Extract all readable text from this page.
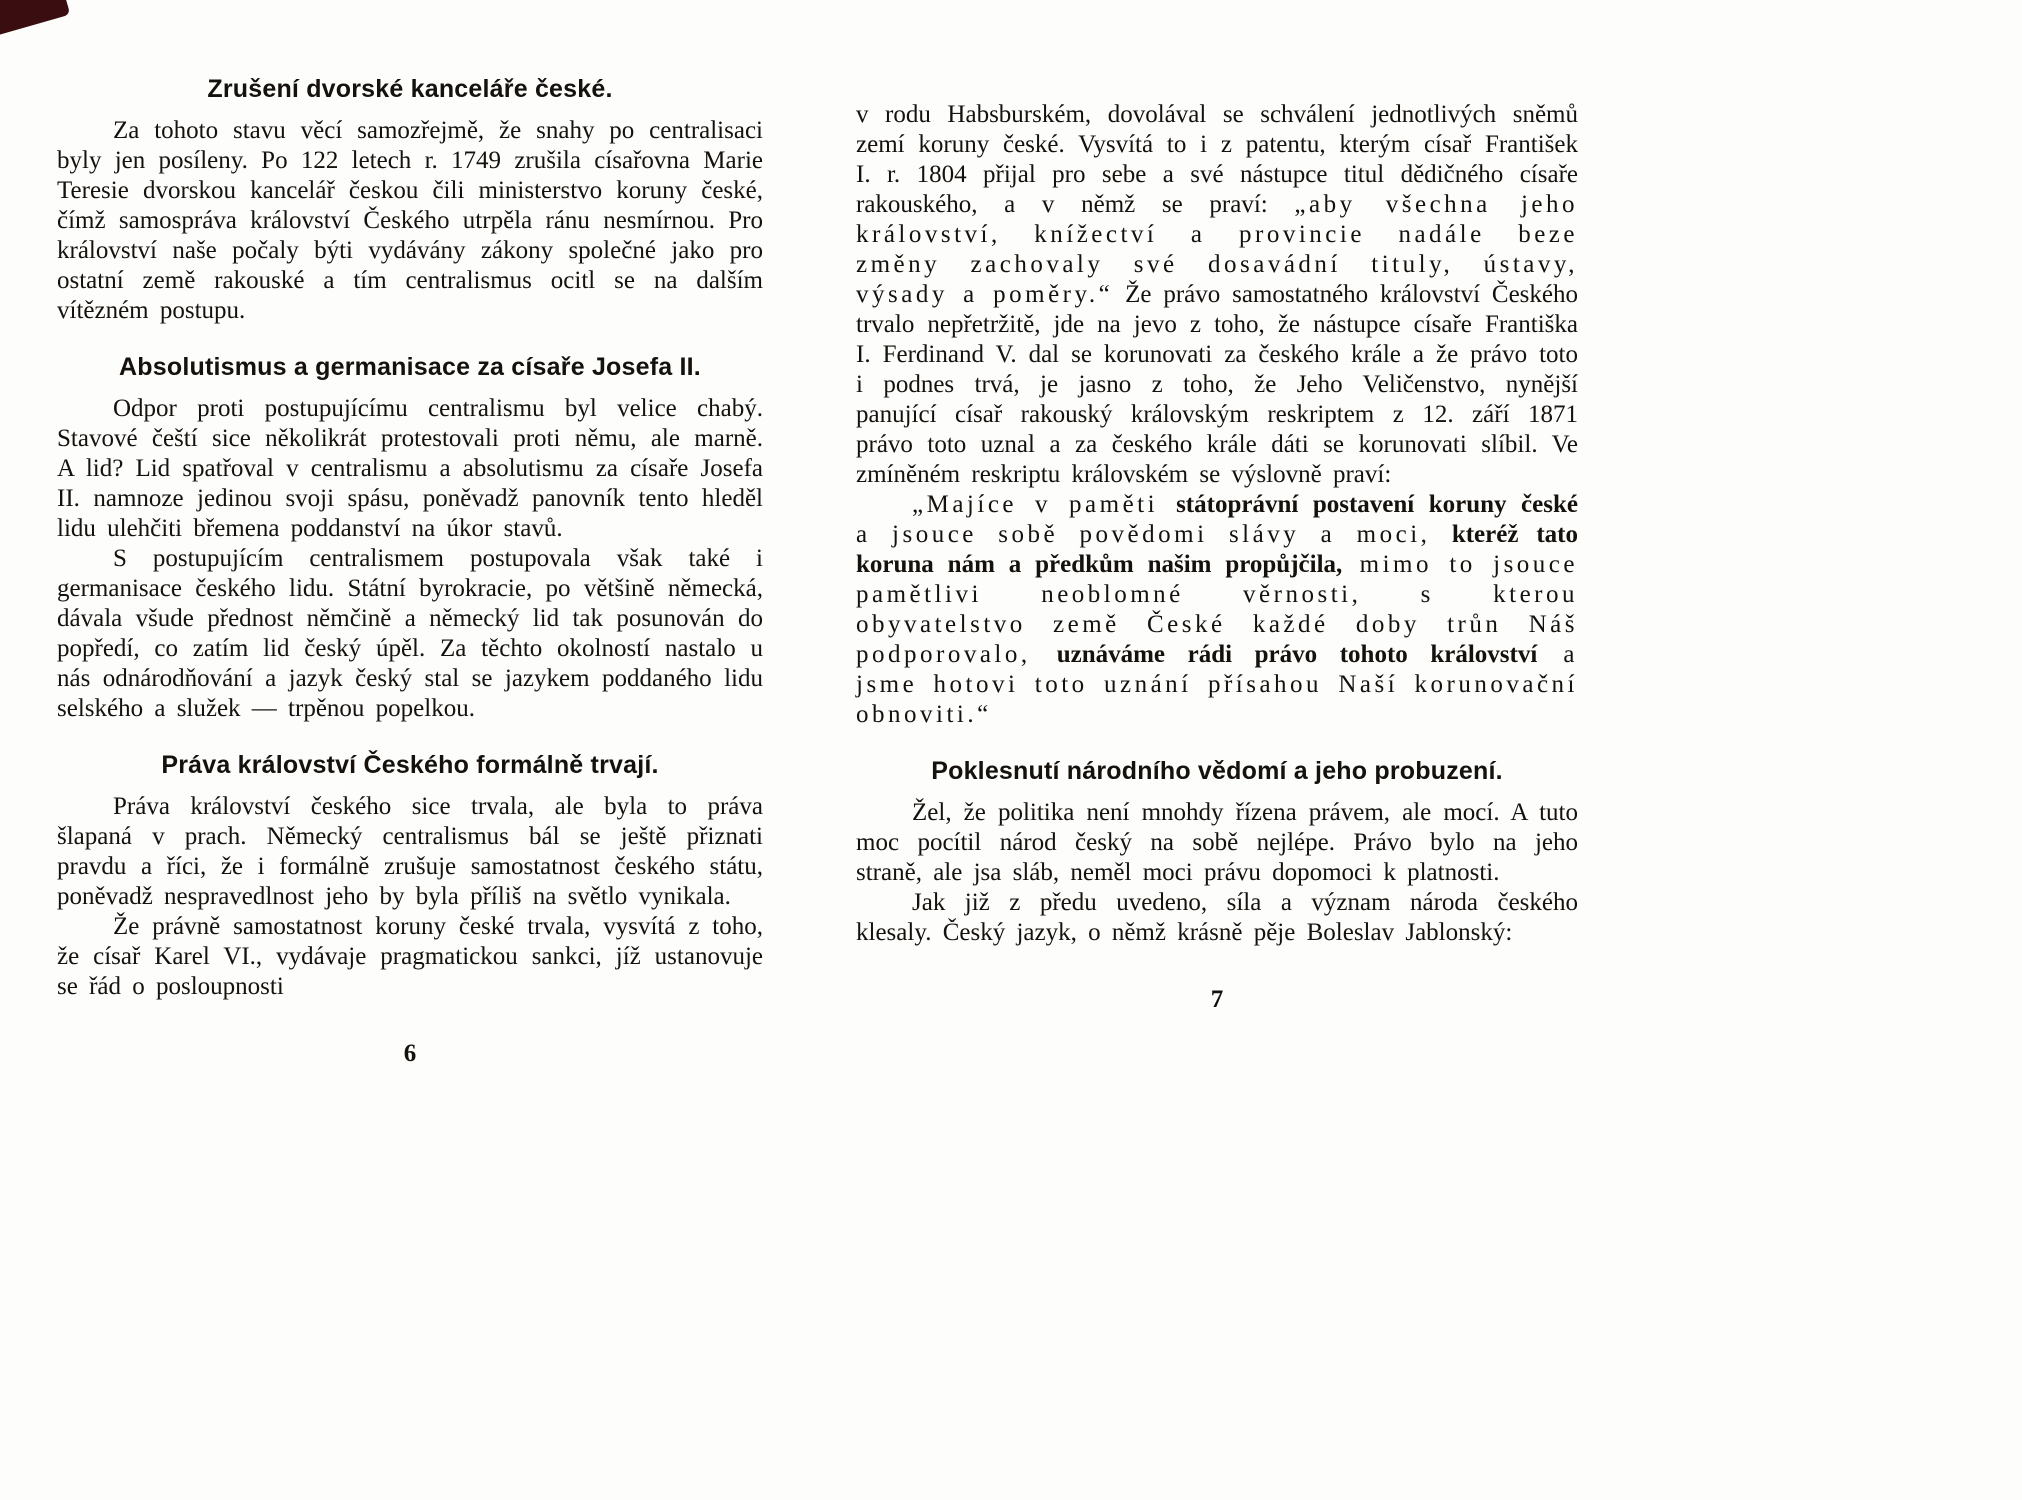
Zrušení dvorské kanceláře české.

Za tohoto stavu věcí samozřejmě, že snahy po centralisaci byly jen posíleny. Po 122 letech r. 1749 zrušila císařovna Marie Teresie dvorskou kancelář českou čili ministerstvo koruny české, čímž samospráva království Českého utrpěla ránu nesmírnou. Pro království naše počaly býti vydávány zákony společné jako pro ostatní země rakouské a tím centralismus ocitl se na dalším vítězném postupu.

Absolutismus a germanisace za císaře Josefa II.

Odpor proti postupujícímu centralismu byl velice chabý. Stavové čeští sice několikrát protestovali proti němu, ale marně. A lid? Lid spatřoval v centralismu a absolutismu za císaře Josefa II. namnoze jedinou svoji spásu, poněvadž panovník tento hleděl lidu ulehčiti břemena poddanství na úkor stavů.

S postupujícím centralismem postupovala však také i germanisace českého lidu. Státní byrokracie, po většině německá, dávala všude přednost němčině a německý lid tak posunován do popředí, co zatím lid český úpěl. Za těchto okolností nastalo u nás odnárodňování a jazyk český stal se jazykem poddaného lidu selského a služek — trpěnou popelkou.

Práva království Českého formálně trvají.

Práva království českého sice trvala, ale byla to práva šlapaná v prach. Německý centralismus bál se ještě přiznati pravdu a říci, že i formálně zrušuje samostatnost českého státu, poněvadž nespravedlnost jeho by byla příliš na světlo vynikala.

Že právně samostatnost koruny české trvala, vysvítá z toho, že císař Karel VI., vydávaje pragmatickou sankci, jíž ustanovuje se řád o posloupnosti

6

v rodu Habsburském, dovolával se schválení jednotlivých sněmů zemí koruny české. Vysvítá to i z patentu, kterým císař František I. r. 1804 přijal pro sebe a své nástupce titul dědičného císaře rakouského, a v němž se praví: „aby všechna jeho království, knížectví a provincie nadále beze změny zachovaly své dosavádní tituly, ústavy, výsady a poměry.“ Že právo samostatného království Českého trvalo nepřetržitě, jde na jevo z toho, že nástupce císaře Františka I. Ferdinand V. dal se korunovati za českého krále a že právo toto i podnes trvá, je jasno z toho, že Jeho Veličenstvo, nynější panující císař rakouský královským reskriptem z 12. září 1871 právo toto uznal a za českého krále dáti se korunovati slíbil. Ve zmíněném reskriptu královském se výslovně praví:

„Majíce v paměti státoprávní postavení koruny české a jsouce sobě povědomi slávy a moci, kteréž tato koruna nám a předkům našim propůjčila, mimo to jsouce pamětlivi neoblomné věrnosti, s kterou obyvatelstvo země České každé doby trůn Náš podporovalo, uznáváme rádi právo tohoto království a jsme hotovi toto uznání přísahou Naší korunovační obnoviti.“

Poklesnutí národního vědomí a jeho probuzení.

Žel, že politika není mnohdy řízena právem, ale mocí. A tuto moc pocítil národ český na sobě nejlépe. Právo bylo na jeho straně, ale jsa sláb, neměl moci právu dopomoci k platnosti.

Jak již z předu uvedeno, síla a význam národa českého klesaly. Český jazyk, o němž krásně pěje Boleslav Jablonský:

7
